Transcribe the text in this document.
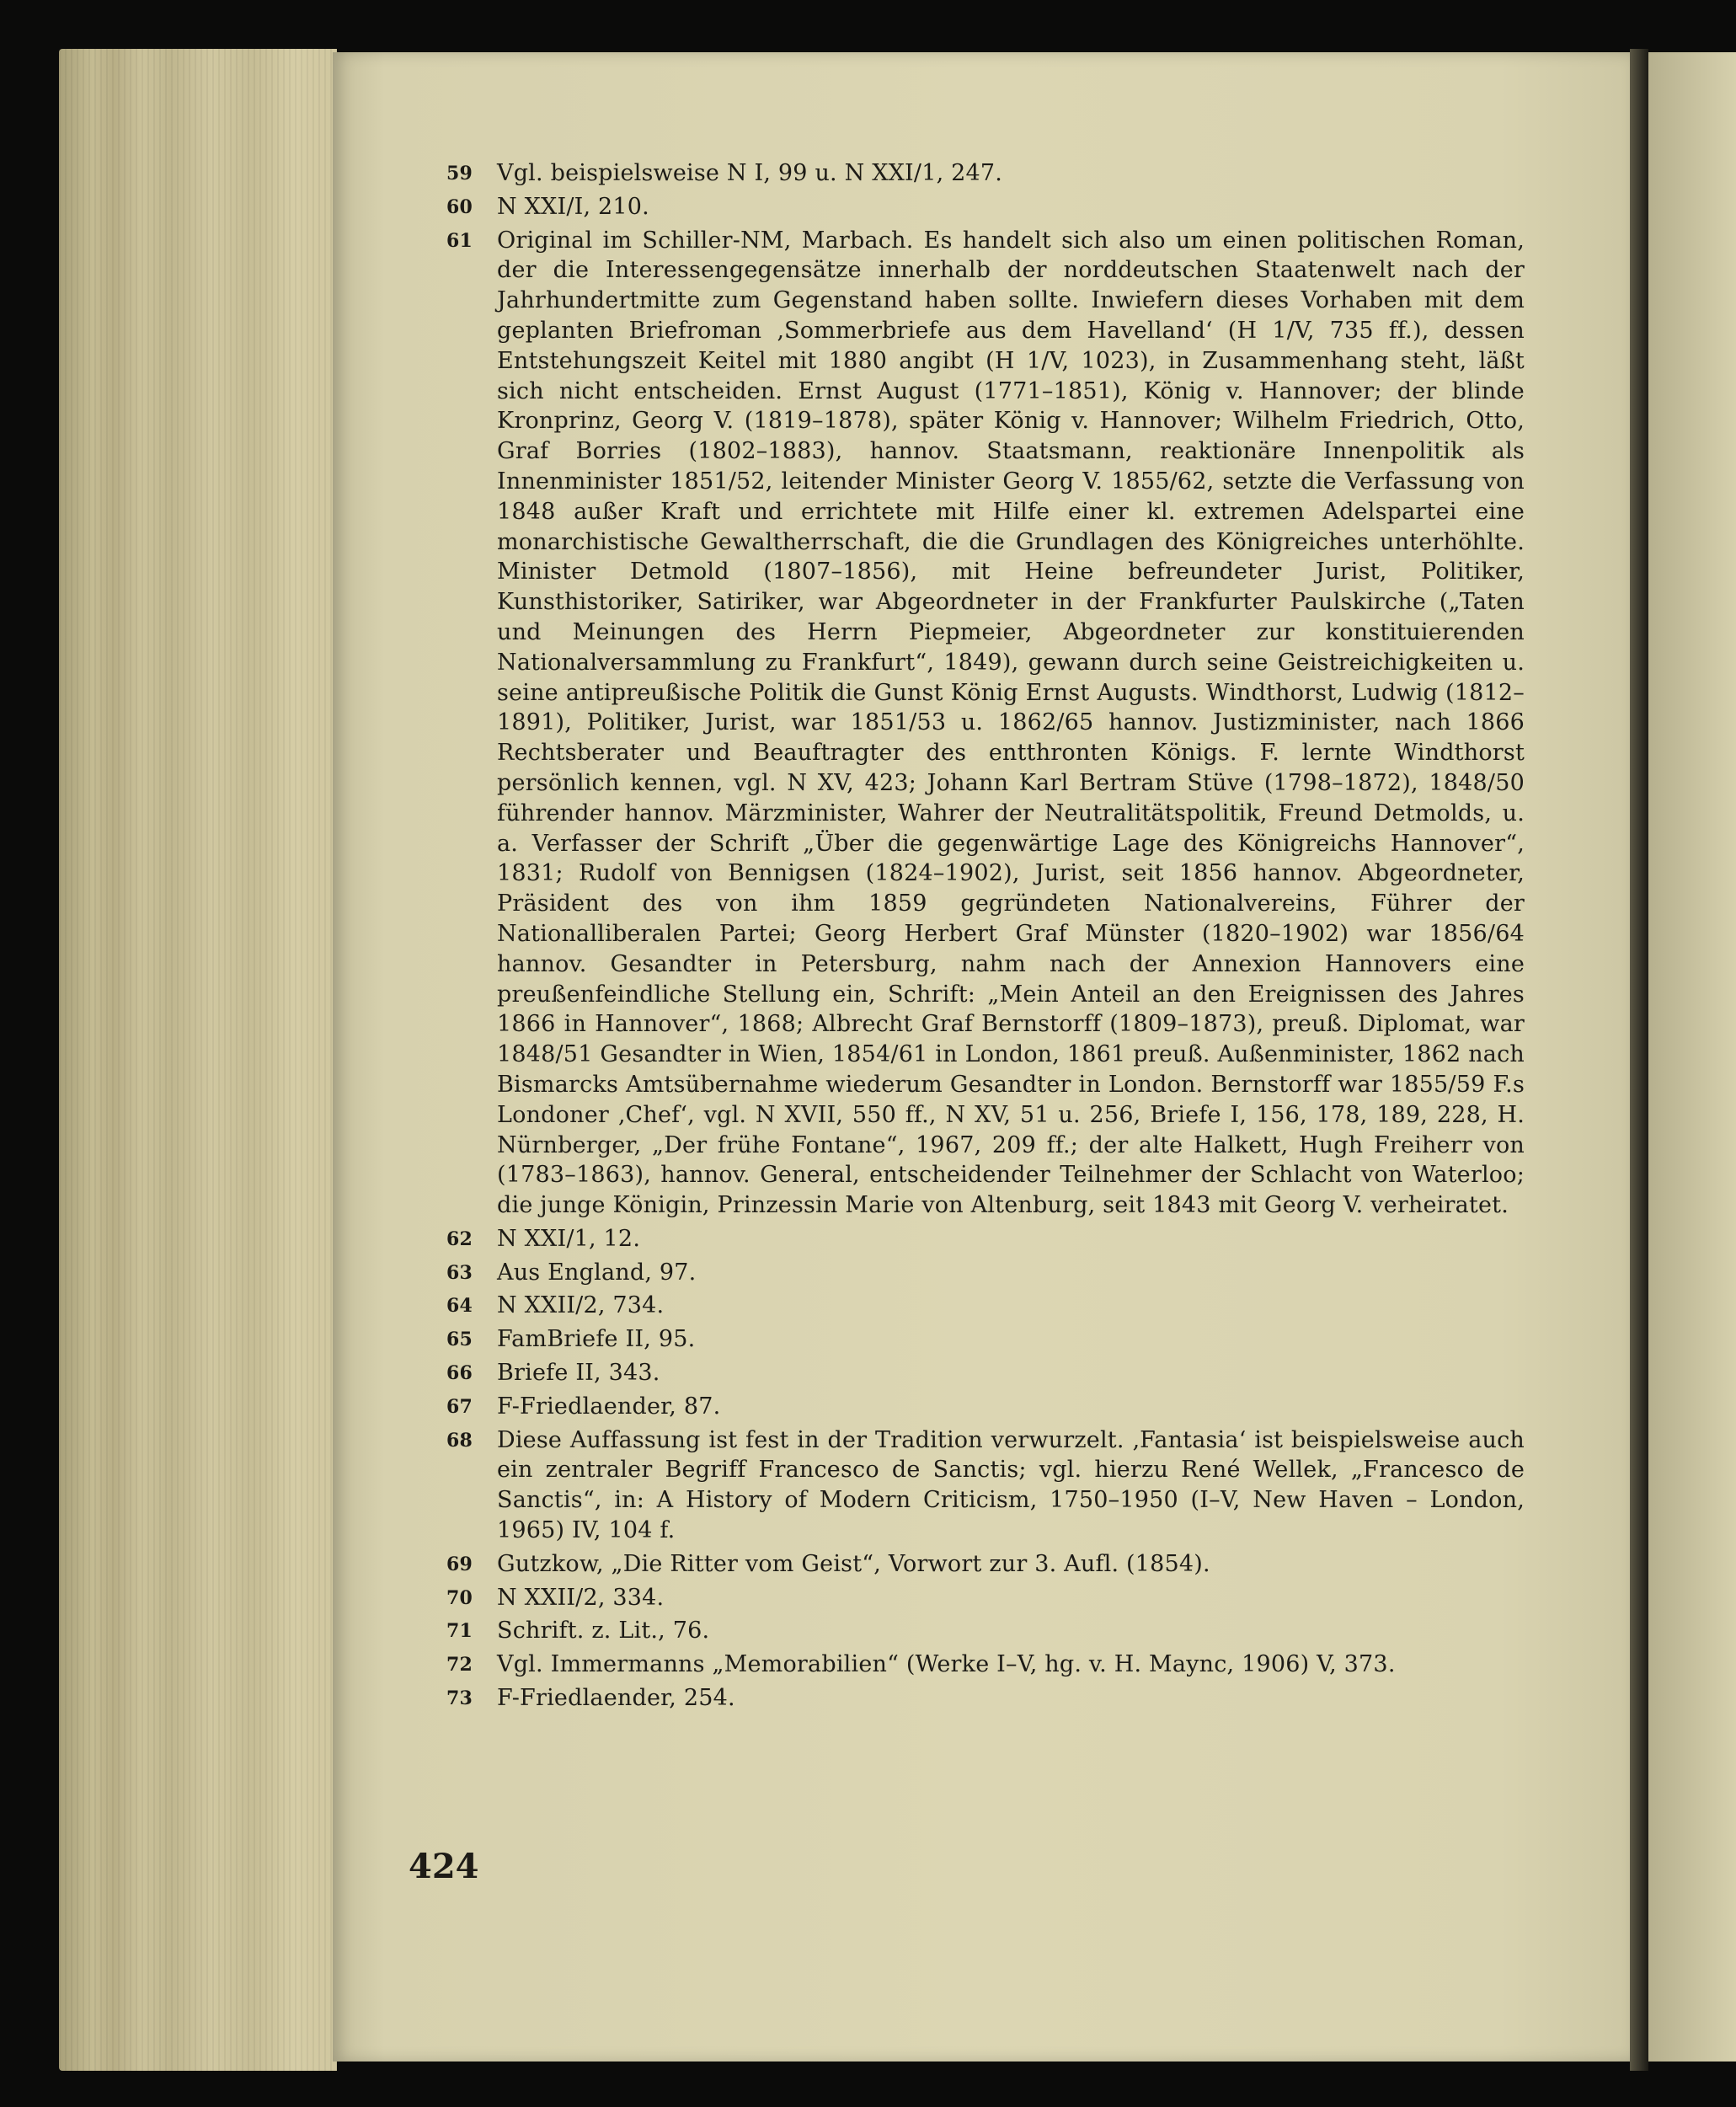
59 Vgl. beispielsweise N I, 99 u. N XXI/1, 247.
60 N XXI/I, 210.
61 Original im Schiller-NM, Marbach. Es handelt sich also um einen politischen Roman, der die Interessengegensätze innerhalb der norddeutschen Staatenwelt nach der Jahrhundertmitte zum Gegenstand haben sollte. Inwiefern dieses Vorhaben mit dem geplanten Briefroman ‚Sommerbriefe aus dem Havelland‘ (H 1/V, 735 ff.), dessen Entstehungszeit Keitel mit 1880 angibt (H 1/V, 1023), in Zusammenhang steht, läßt sich nicht entscheiden. Ernst August (1771–1851), König v. Hannover; der blinde Kronprinz, Georg V. (1819–1878), später König v. Hannover; Wilhelm Friedrich, Otto, Graf Borries (1802–1883), hannov. Staatsmann, reaktionäre Innenpolitik als Innenminister 1851/52, leitender Minister Georg V. 1855/62, setzte die Verfassung von 1848 außer Kraft und errichtete mit Hilfe einer kl. extremen Adelspartei eine monarchistische Gewaltherrschaft, die die Grundlagen des Königreiches unterhöhlte. Minister Detmold (1807–1856), mit Heine befreundeter Jurist, Politiker, Kunsthistoriker, Satiriker, war Abgeordneter in der Frankfurter Paulskirche („Taten und Meinungen des Herrn Piepmeier, Abgeordneter zur konstituierenden Nationalversammlung zu Frankfurt“, 1849), gewann durch seine Geistreichigkeiten u. seine antipreußische Politik die Gunst König Ernst Augusts. Windthorst, Ludwig (1812–1891), Politiker, Jurist, war 1851/53 u. 1862/65 hannov. Justizminister, nach 1866 Rechtsberater und Beauftragter des entthronten Königs. F. lernte Windthorst persönlich kennen, vgl. N XV, 423; Johann Karl Bertram Stüve (1798–1872), 1848/50 führender hannov. Märzminister, Wahrer der Neutralitätspolitik, Freund Detmolds, u. a. Verfasser der Schrift „Über die gegenwärtige Lage des Königreichs Hannover“, 1831; Rudolf von Bennigsen (1824–1902), Jurist, seit 1856 hannov. Abgeordneter, Präsident des von ihm 1859 gegründeten Nationalvereins, Führer der Nationalliberalen Partei; Georg Herbert Graf Münster (1820–1902) war 1856/64 hannov. Gesandter in Petersburg, nahm nach der Annexion Hannovers eine preußenfeindliche Stellung ein, Schrift: „Mein Anteil an den Ereignissen des Jahres 1866 in Hannover“, 1868; Albrecht Graf Bernstorff (1809–1873), preuß. Diplomat, war 1848/51 Gesandter in Wien, 1854/61 in London, 1861 preuß. Außenminister, 1862 nach Bismarcks Amtsübernahme wiederum Gesandter in London. Bernstorff war 1855/59 F.s Londoner ‚Chef‘, vgl. N XVII, 550 ff., N XV, 51 u. 256, Briefe I, 156, 178, 189, 228, H. Nürnberger, „Der frühe Fontane“, 1967, 209 ff.; der alte Halkett, Hugh Freiherr von (1783–1863), hannov. General, entscheidender Teilnehmer der Schlacht von Waterloo; die junge Königin, Prinzessin Marie von Altenburg, seit 1843 mit Georg V. verheiratet.
62 N XXI/1, 12.
63 Aus England, 97.
64 N XXII/2, 734.
65 FamBriefe II, 95.
66 Briefe II, 343.
67 F-Friedlaender, 87.
68 Diese Auffassung ist fest in der Tradition verwurzelt. ‚Fantasia‘ ist beispielsweise auch ein zentraler Begriff Francesco de Sanctis; vgl. hierzu René Wellek, „Francesco de Sanctis“, in: A History of Modern Criticism, 1750–1950 (I–V, New Haven – London, 1965) IV, 104 f.
69 Gutzkow, „Die Ritter vom Geist“, Vorwort zur 3. Aufl. (1854).
70 N XXII/2, 334.
71 Schrift. z. Lit., 76.
72 Vgl. Immermanns „Memorabilien“ (Werke I–V, hg. v. H. Maync, 1906) V, 373.
73 F-Friedlaender, 254.
424
